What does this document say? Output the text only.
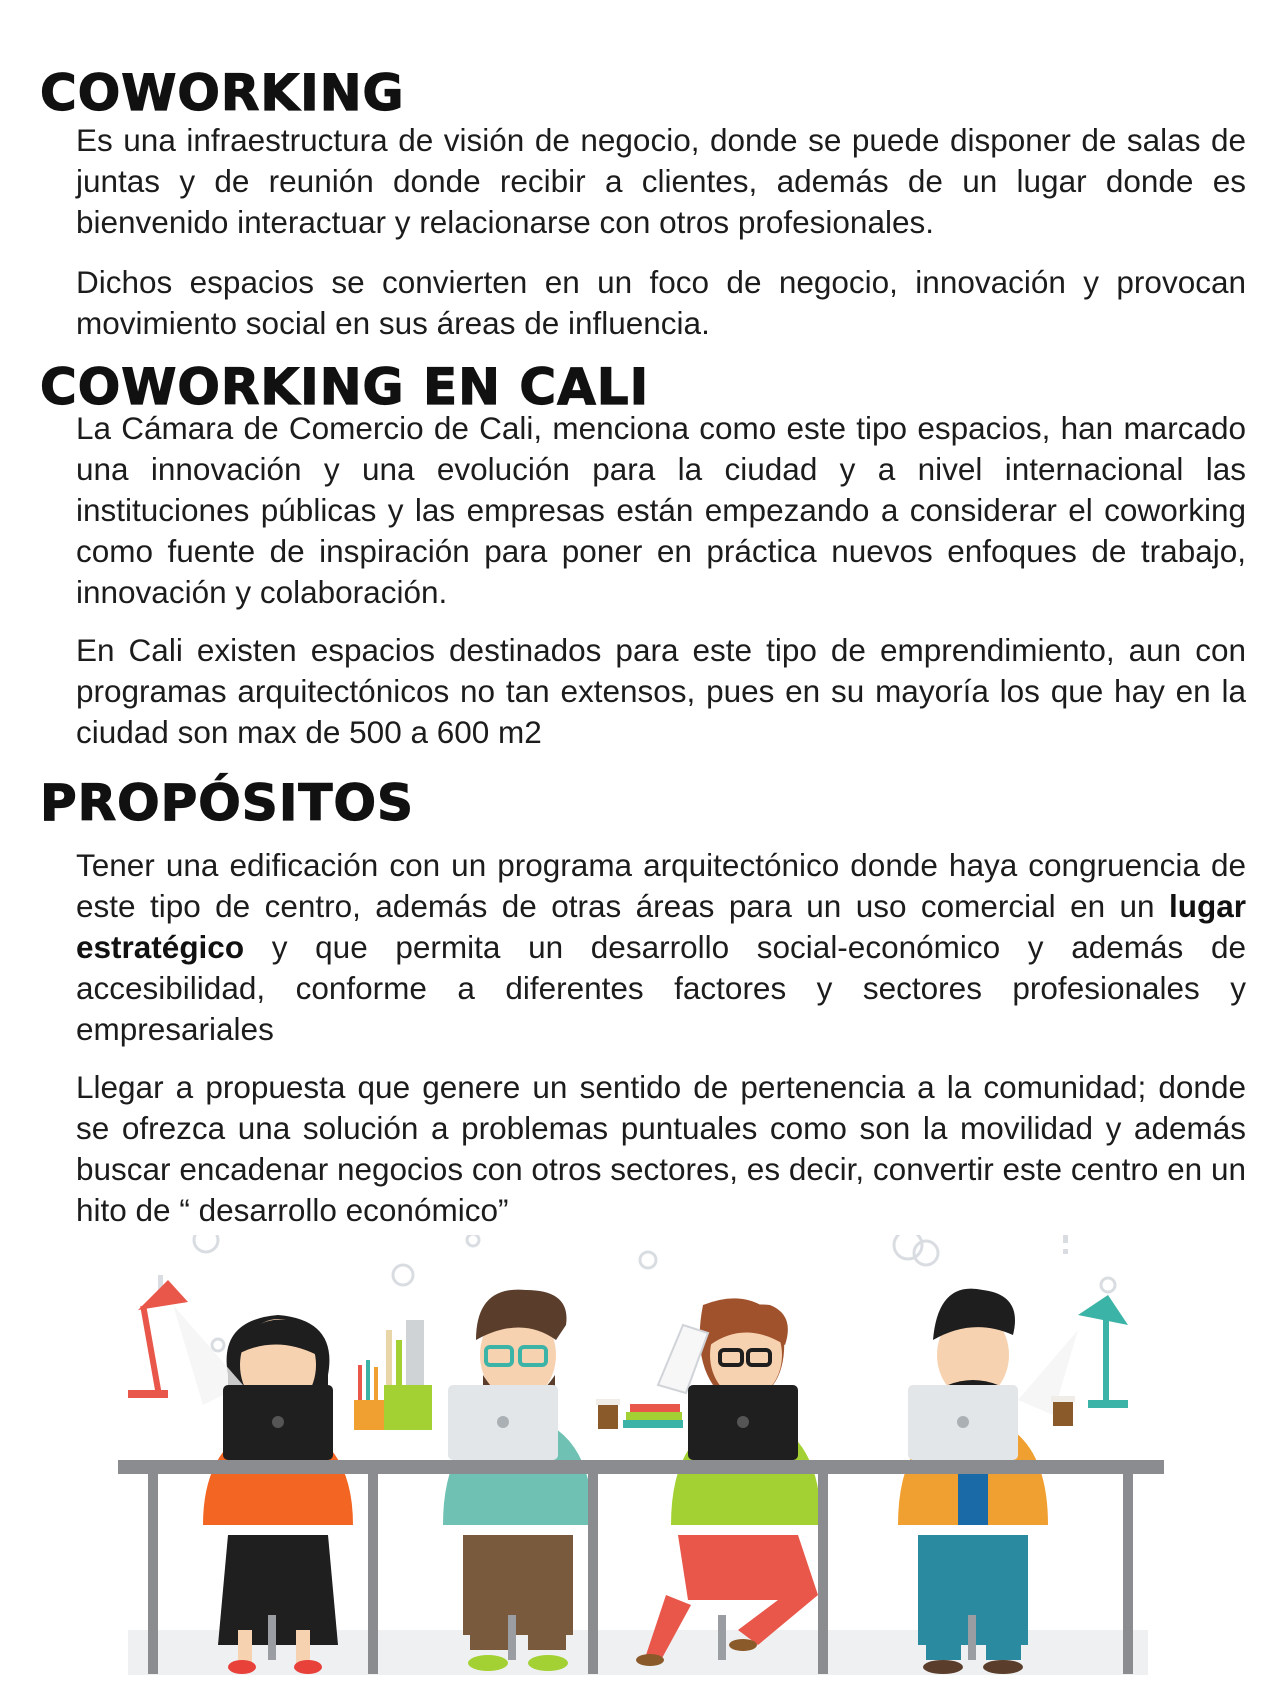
COWORKING

Es una infraestructura de visión de negocio, donde se puede disponer de salas de juntas y de reunión donde recibir a clientes, además de un lugar donde es bienvenido interactuar y relacionarse con otros profesionales.

Dichos espacios se convierten en un foco de negocio, innovación y provocan movimiento social en sus áreas de influencia.

COWORKING EN CALI

La Cámara de Comercio de Cali, menciona como este tipo espacios, han marcado una innovación y una evolución para la ciudad y a nivel internacional las instituciones públicas y las empresas están empezando a considerar el coworking como fuente de inspiración para poner en práctica nuevos enfoques de trabajo, innovación y colaboración.

En Cali existen espacios destinados para este tipo de emprendimiento, aun con programas arquitectónicos no tan extensos, pues en su mayoría los que hay en la ciudad son max de 500 a 600 m2

PROPÓSITOS

Tener una edificación con un programa arquitectónico donde haya congruencia de este tipo de centro, además de otras áreas para un uso comercial en un lugar estratégico y que permita un desarrollo social-económico y además de accesibilidad, conforme a diferentes factores y sectores profesionales y empresariales

Llegar a propuesta que genere un sentido de pertenencia a la comunidad; donde se ofrezca una solución a problemas puntuales como son la movilidad y además buscar encadenar negocios con otros sectores, es decir, convertir este centro en un hito de “ desarrollo económico”
